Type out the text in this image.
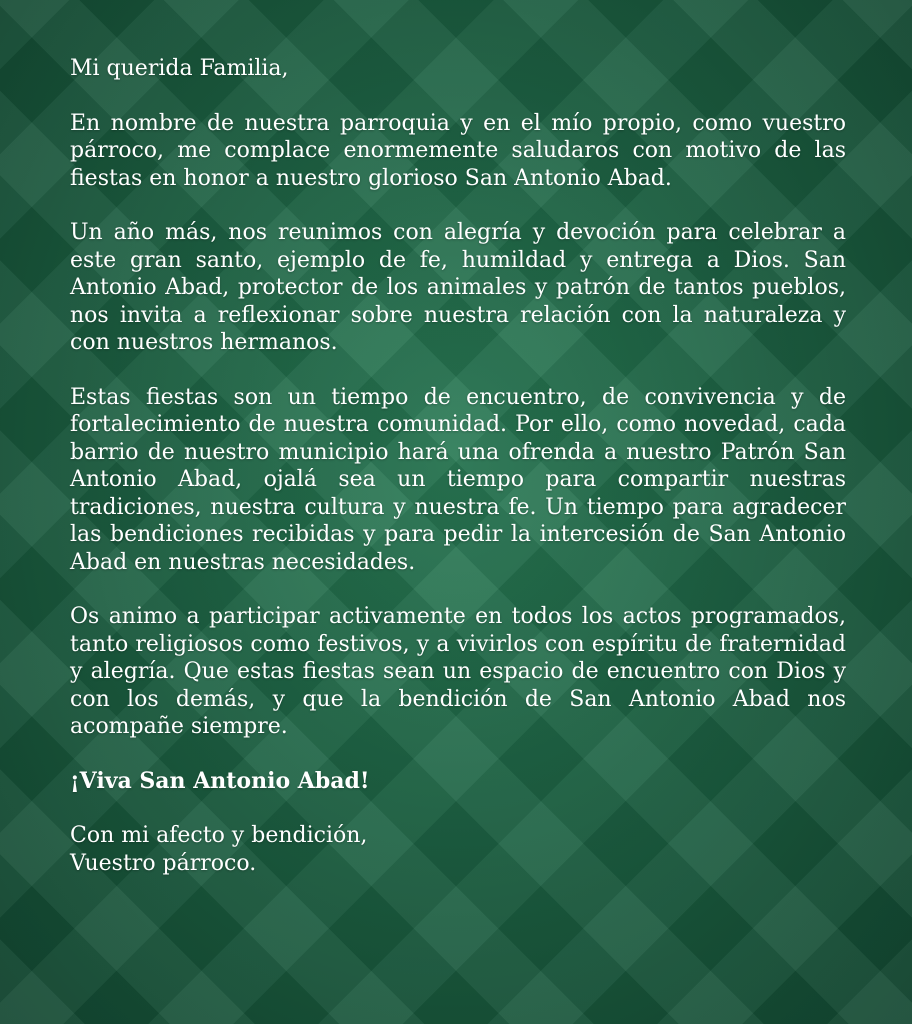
Mi querida Familia,

En nombre de nuestra parroquia y en el mío propio, como vuestro párroco, me complace enormemente saludaros con motivo de las fiestas en honor a nuestro glorioso San Antonio Abad.

Un año más, nos reunimos con alegría y devoción para celebrar a este gran santo, ejemplo de fe, humildad y entrega a Dios. San Antonio Abad, protector de los animales y patrón de tantos pueblos, nos invita a reflexionar sobre nuestra relación con la naturaleza y con nuestros hermanos.

Estas fiestas son un tiempo de encuentro, de convivencia y de fortalecimiento de nuestra comunidad. Por ello, como novedad, cada barrio de nuestro municipio hará una ofrenda a nuestro Patrón San Antonio Abad, ojalá sea un tiempo para compartir nuestras tradiciones, nuestra cultura y nuestra fe. Un tiempo para agradecer las bendiciones recibidas y para pedir la intercesión de San Antonio Abad en nuestras necesidades.

Os animo a participar activamente en todos los actos programados, tanto religiosos como festivos, y a vivirlos con espíritu de fraternidad y alegría. Que estas fiestas sean un espacio de encuentro con Dios y con los demás, y que la bendición de San Antonio Abad nos acompañe siempre.

¡Viva San Antonio Abad!

Con mi afecto y bendición,
Vuestro párroco.
